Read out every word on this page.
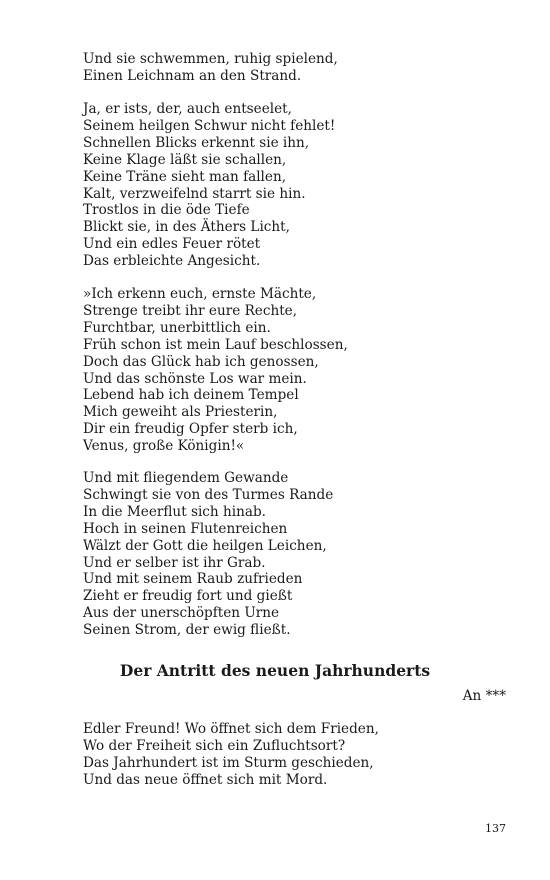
Und sie schwemmen, ruhig spielend,
Einen Leichnam an den Strand.
Ja, er ists, der, auch entseelet,
Seinem heilgen Schwur nicht fehlet!
Schnellen Blicks erkennt sie ihn,
Keine Klage läßt sie schallen,
Keine Träne sieht man fallen,
Kalt, verzweifelnd starrt sie hin.
Trostlos in die öde Tiefe
Blickt sie, in des Äthers Licht,
Und ein edles Feuer rötet
Das erbleichte Angesicht.
»Ich erkenn euch, ernste Mächte,
Strenge treibt ihr eure Rechte,
Furchtbar, unerbittlich ein.
Früh schon ist mein Lauf beschlossen,
Doch das Glück hab ich genossen,
Und das schönste Los war mein.
Lebend hab ich deinem Tempel
Mich geweiht als Priesterin,
Dir ein freudig Opfer sterb ich,
Venus, große Königin!«
Und mit fliegendem Gewande
Schwingt sie von des Turmes Rande
In die Meerflut sich hinab.
Hoch in seinen Flutenreichen
Wälzt der Gott die heilgen Leichen,
Und er selber ist ihr Grab.
Und mit seinem Raub zufrieden
Zieht er freudig fort und gießt
Aus der unerschöpften Urne
Seinen Strom, der ewig fließt.
Der Antritt des neuen Jahrhunderts
An ***
Edler Freund! Wo öffnet sich dem Frieden,
Wo der Freiheit sich ein Zufluchtsort?
Das Jahrhundert ist im Sturm geschieden,
Und das neue öffnet sich mit Mord.
137
